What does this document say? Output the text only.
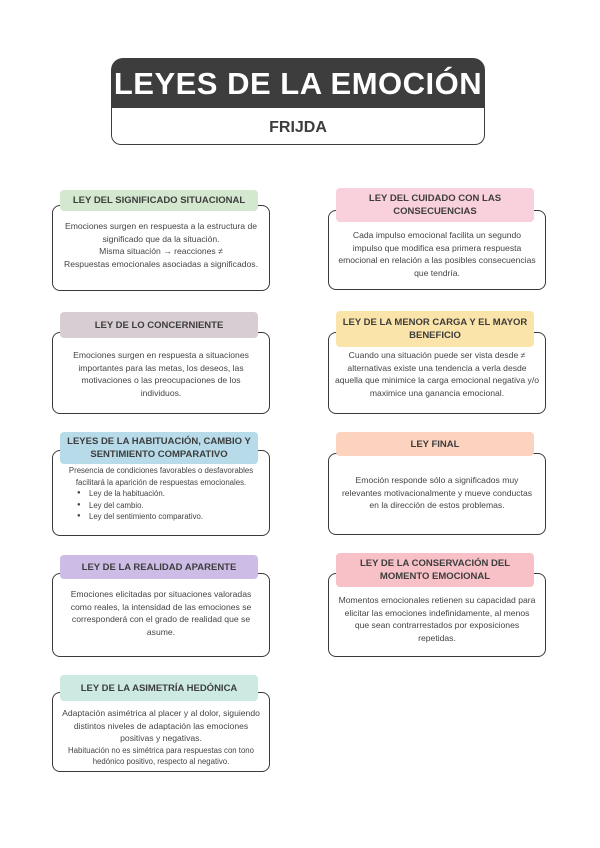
LEYES DE LA EMOCIÓN
FRIJDA

Emociones surgen en respuesta a la estructura de significado que da la situación.

Misma situación → reacciones ≠

Respuestas emocionales asociadas a significados.

LEY DEL SIGNIFICADO SITUACIONAL
Emociones surgen en respuesta a situaciones importantes para las metas, los deseos, las motivaciones o las preocupaciones de los individuos.
LEY DE LO CONCERNIENTE

Presencia de condiciones favorables o desfavorables facilitará la aparición de respuestas emocionales.

● Ley de la habituación.
● Ley del cambio.
● Ley del sentimiento comparativo.
LEYES DE LA HABITUACIÓN, CAMBIO Y SENTIMIENTO COMPARATIVO
Emociones elicitadas por situaciones valoradas como reales, la intensidad de las emociones se corresponderá con el grado de realidad que se asume.
LEY DE LA REALIDAD APARENTE

Adaptación asimétrica al placer y al dolor, siguiendo distintos niveles de adaptación las emociones positivas y negativas.

Habituación no es simétrica para respuestas con tono hedónico positivo, respecto al negativo.

LEY DE LA ASIMETRÍA HEDÓNICA
Cada impulso emocional facilita un segundo impulso que modifica esa primera respuesta emocional en relación a las posibles consecuencias que tendría.
LEY DEL CUIDADO CON LAS CONSECUENCIAS
Cuando una situación puede ser vista desde ≠ alternativas existe una tendencia a verla desde aquella que minimice la carga emocional negativa y/o maximice una ganancia emocional.
LEY DE LA MENOR CARGA Y EL MAYOR BENEFICIO
Emoción responde sólo a significados muy relevantes motivacionalmente y mueve conductas en la dirección de estos problemas.
LEY FINAL
Momentos emocionales retienen su capacidad para elicitar las emociones indefinidamente, al menos que sean contrarrestados por exposiciones repetidas.
LEY DE LA CONSERVACIÓN DEL MOMENTO EMOCIONAL
